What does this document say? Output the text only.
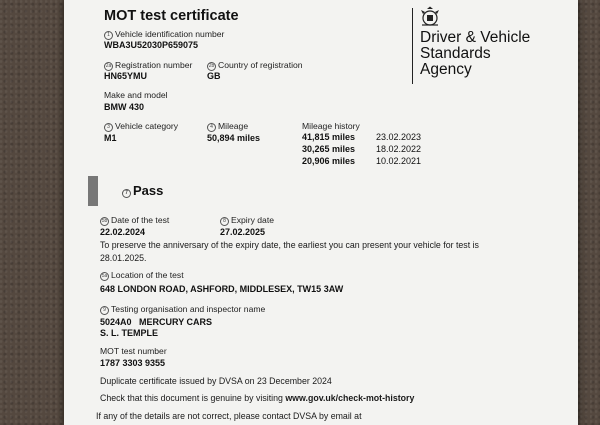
MOT test certificate
Driver & Vehicle
Standards
Agency
1 Vehicle identification number
WBA3U52030P659075
2a Registration number
HN65YMU
2b Country of registration
GB
Make and model
BMW 430
3 Vehicle category
M1
4 Mileage
50,894 miles
Mileage history
41,815 miles 23.02.2023
30,265 miles 18.02.2022
20,906 miles 10.02.2021
7 Pass
5b Date of the test
22.02.2024
8 Expiry date
27.02.2025
To preserve the anniversary of the expiry date, the earliest you can present your vehicle for test is
28.01.2025.
5a Location of the test
648 LONDON ROAD, ASHFORD, MIDDLESEX, TW15 3AW
9 Testing organisation and inspector name
5024A0   MERCURY CARS
S. L. TEMPLE
MOT test number
1787 3303 9355
Duplicate certificate issued by DVSA on 23 December 2024
Check that this document is genuine by visiting www.gov.uk/check-mot-history
If any of the details are not correct, please contact DVSA by email at
